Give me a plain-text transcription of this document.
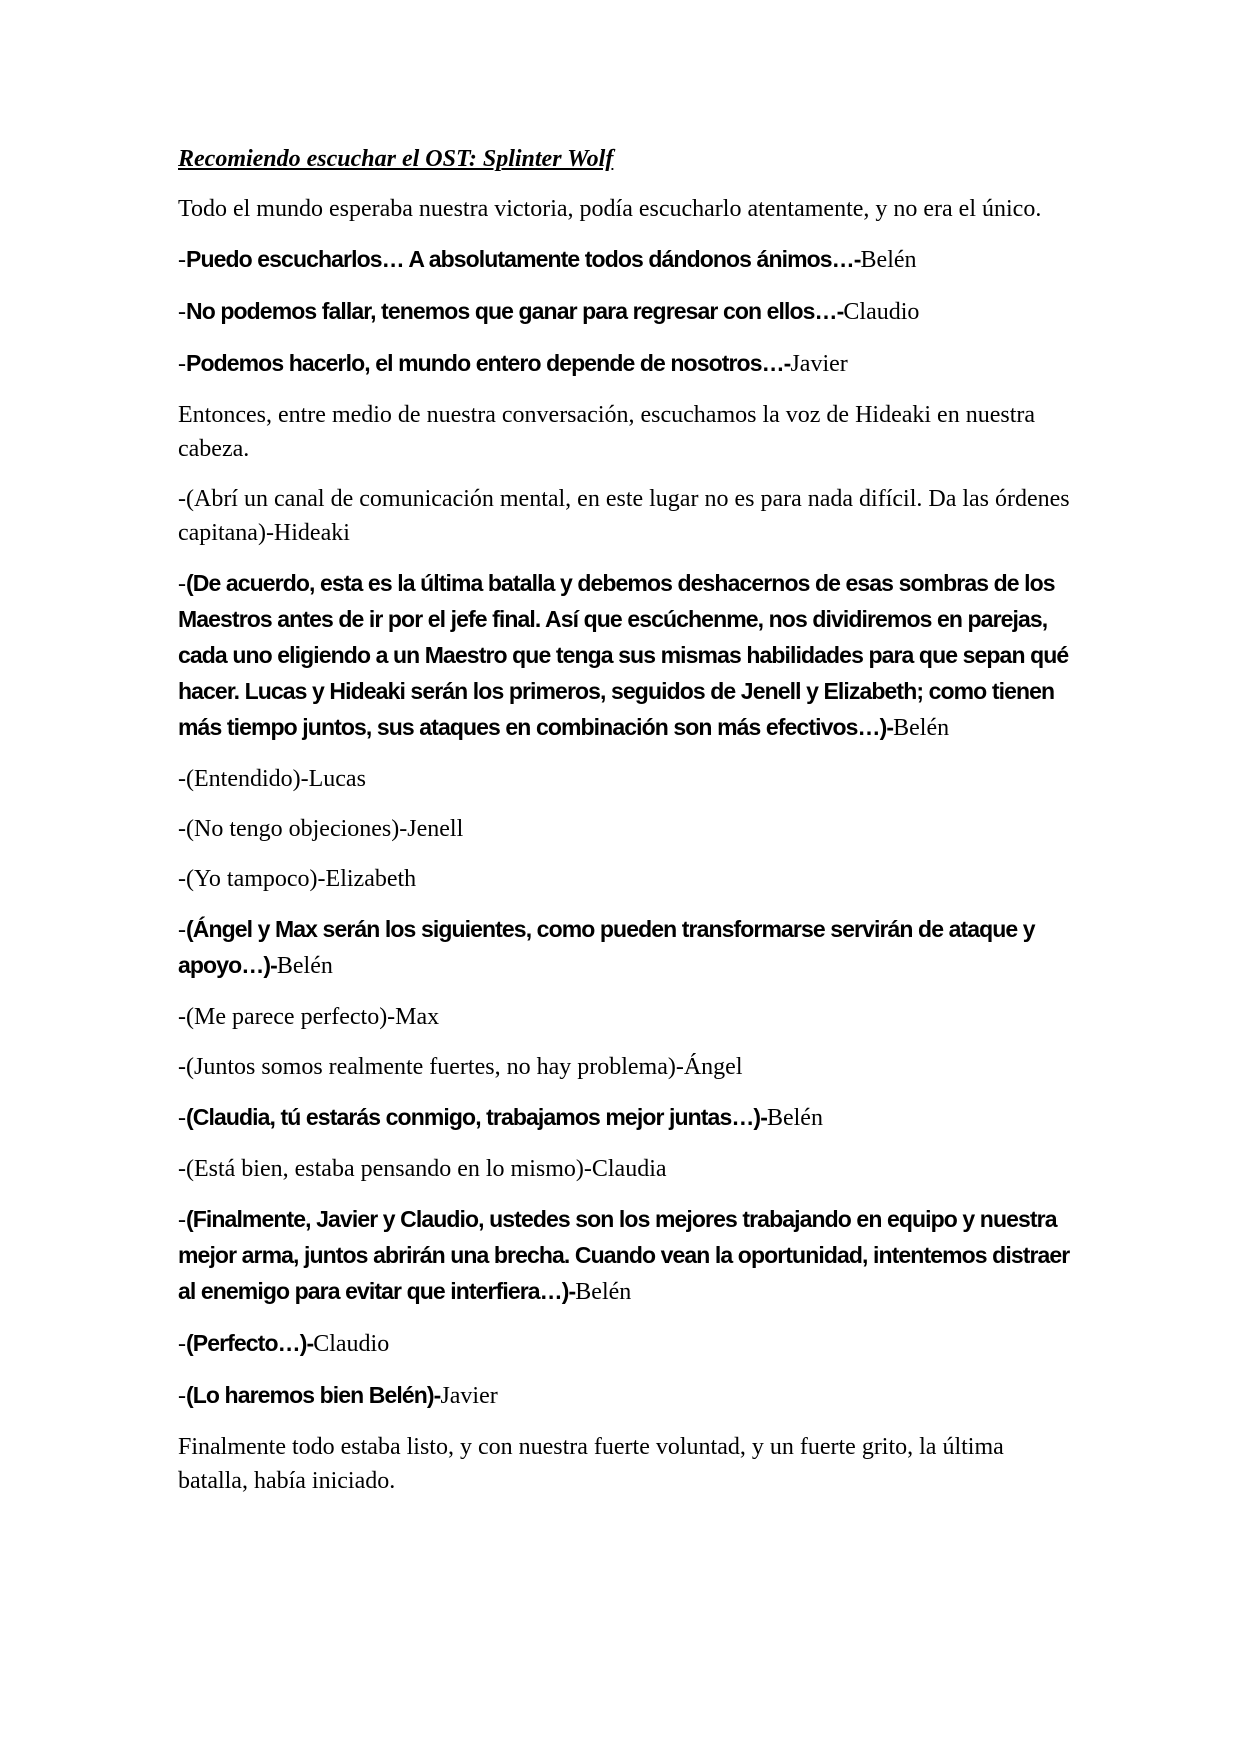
Recomiendo escuchar el OST: Splinter Wolf

Todo el mundo esperaba nuestra victoria, podía escucharlo atentamente, y no era el único.

-Puedo escucharlos… A absolutamente todos dándonos ánimos…-Belén

-No podemos fallar, tenemos que ganar para regresar con ellos…-Claudio

-Podemos hacerlo, el mundo entero depende de nosotros…-Javier

Entonces, entre medio de nuestra conversación, escuchamos la voz de Hideaki en nuestra cabeza.

-(Abrí un canal de comunicación mental, en este lugar no es para nada difícil. Da las órdenes capitana)-Hideaki

-(De acuerdo, esta es la última batalla y debemos deshacernos de esas sombras de los Maestros antes de ir por el jefe final. Así que escúchenme, nos dividiremos en parejas, cada uno eligiendo a un Maestro que tenga sus mismas habilidades para que sepan qué hacer. Lucas y Hideaki serán los primeros, seguidos de Jenell y Elizabeth; como tienen más tiempo juntos, sus ataques en combinación son más efectivos…)-Belén

-(Entendido)-Lucas

-(No tengo objeciones)-Jenell

-(Yo tampoco)-Elizabeth

-(Ángel y Max serán los siguientes, como pueden transformarse servirán de ataque y apoyo…)-Belén

-(Me parece perfecto)-Max

-(Juntos somos realmente fuertes, no hay problema)-Ángel

-(Claudia, tú estarás conmigo, trabajamos mejor juntas…)-Belén

-(Está bien, estaba pensando en lo mismo)-Claudia

-(Finalmente, Javier y Claudio, ustedes son los mejores trabajando en equipo y nuestra mejor arma, juntos abrirán una brecha. Cuando vean la oportunidad, intentemos distraer al enemigo para evitar que interfiera…)-Belén

-(Perfecto…)-Claudio

-(Lo haremos bien Belén)-Javier

Finalmente todo estaba listo, y con nuestra fuerte voluntad, y un fuerte grito, la última batalla, había iniciado.
